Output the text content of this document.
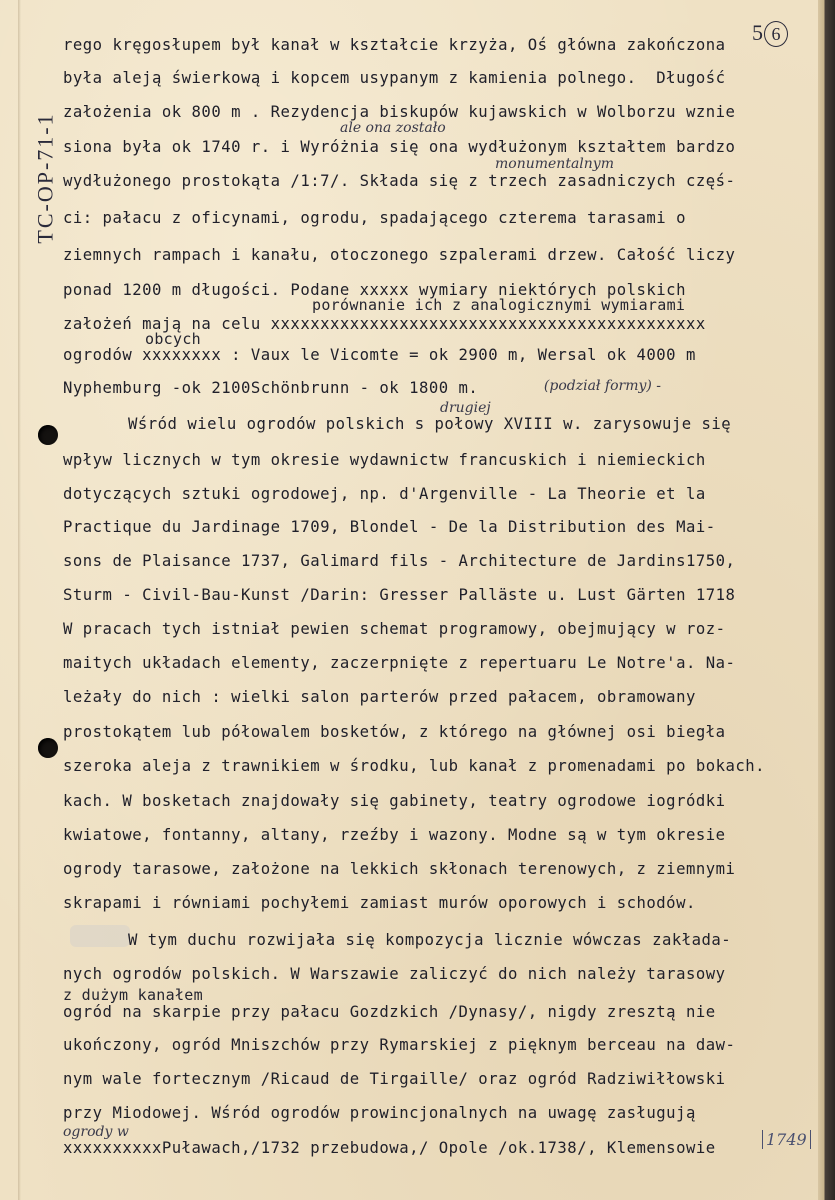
TC-OP-71-1
5 6
rego kręgosłupem był kanał w kształcie krzyża, Oś główna zakończona
była aleją świerkową i kopcem usypanym z kamienia polnego.  Długość
założenia ok 800 m . Rezydencja biskupów kujawskich w Wolborzu wznie
siona była ok 1740 r. i Wyróżnia się ona wydłużonym kształtem bardzo
wydłużonego prostokąta /1:7/. Składa się z trzech zasadniczych częś-
ci: pałacu z oficynami, ogrodu, spadającego czterema tarasami o
ziemnych rampach i kanału, otoczonego szpalerami drzew. Całość liczy
ponad 1200 m długości. Podane xxxxx wymiary niektórych polskich
założeń mają na celu xxxxxxxxxxxxxxxxxxxxxxxxxxxxxxxxxxxxxxxxxxxx
ogrodów xxxxxxxx : Vaux le Vicomte = ok 2900 m, Wersal ok 4000 m
Nyphemburg -ok 2100Schönbrunn - ok 1800 m.
Wśród wielu ogrodów polskich s połowy XVIII w. zarysowuje się
wpływ licznych w tym okresie wydawnictw francuskich i niemieckich
dotyczących sztuki ogrodowej, np. d'Argenville - La Theorie et la
Practique du Jardinage 1709, Blondel - De la Distribution des Mai-
sons de Plaisance 1737, Galimard fils - Architecture de Jardins1750,
Sturm - Civil-Bau-Kunst /Darin: Gresser Palläste u. Lust Gärten 1718
W pracach tych istniał pewien schemat programowy, obejmujący w roz-
maitych układach elementy, zaczerpnięte z repertuaru Le Notre'a. Na-
leżały do nich : wielki salon parterów przed pałacem, obramowany
prostokątem lub półowalem bosketów, z którego na głównej osi biegła
szeroka aleja z trawnikiem w środku, lub kanał z promenadami po bokach.
kach. W bosketach znajdowały się gabinety, teatry ogrodowe iogródki
kwiatowe, fontanny, altany, rzeźby i wazony. Modne są w tym okresie
ogrody tarasowe, założone na lekkich skłonach terenowych, z ziemnymi
skrapami i równiami pochyłemi zamiast murów oporowych i schodów.
W tym duchu rozwijała się kompozycja licznie wówczas zakłada-
nych ogrodów polskich. W Warszawie zaliczyć do nich należy tarasowy
ogród na skarpie przy pałacu Gozdzkich /Dynasy/, nigdy zresztą nie
ukończony, ogród Mniszchów przy Rymarskiej z pięknym berceau na daw-
nym wale fortecznym /Ricaud de Tirgaille/ oraz ogród Radziwiłłowski
przy Miodowej. Wśród ogrodów prowincjonalnych na uwagę zasługują
xxxxxxxxxxPuławach,/1732 przebudowa,/ Opole /ok.1738/, Klemensowie
ale ona zostało
monumentalnym
porównanie ich z analogicznymi wymiarami
obcych
(podział formy) -
drugiej
z dużym kanałem
ogrody w	1749
